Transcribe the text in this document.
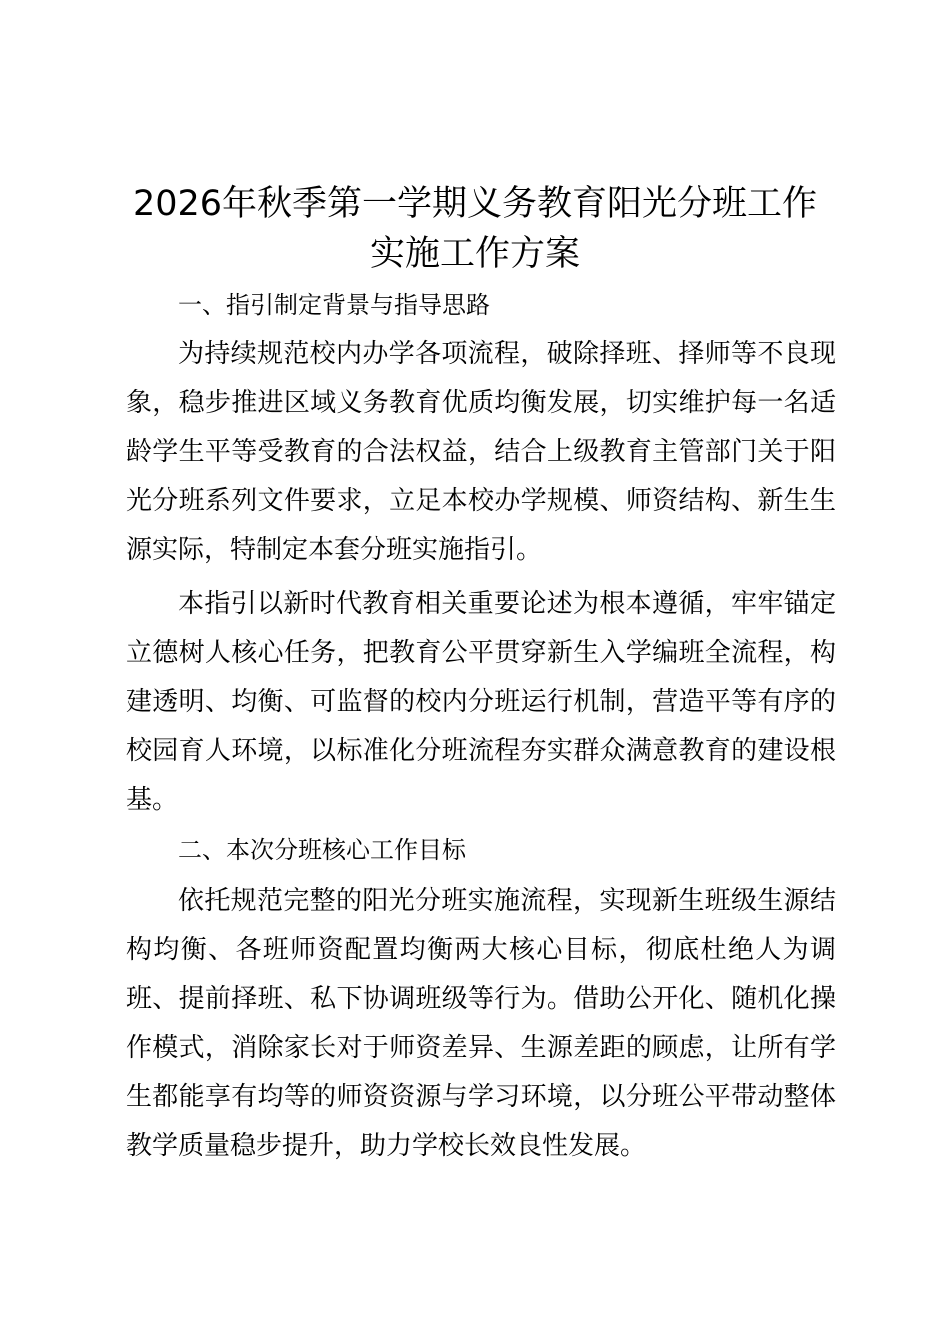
2026年秋季第一学期义务教育阳光分班工作
实施工作方案
一、指引制定背景与指导思路

为持续规范校内办学各项流程，破除择班、择师等不良现象，稳步推进区域义务教育优质均衡发展，切实维护每一名适龄学生平等受教育的合法权益，结合上级教育主管部门关于阳光分班系列文件要求，立足本校办学规模、师资结构、新生生源实际，特制定本套分班实施指引。

本指引以新时代教育相关重要论述为根本遵循，牢牢锚定立德树人核心任务，把教育公平贯穿新生入学编班全流程，构建透明、均衡、可监督的校内分班运行机制，营造平等有序的校园育人环境，以标准化分班流程夯实群众满意教育的建设根基。

二、本次分班核心工作目标

依托规范完整的阳光分班实施流程，实现新生班级生源结构均衡、各班师资配置均衡两大核心目标，彻底杜绝人为调班、提前择班、私下协调班级等行为。借助公开化、随机化操作模式，消除家长对于师资差异、生源差距的顾虑，让所有学生都能享有均等的师资资源与学习环境，以分班公平带动整体教学质量稳步提升，助力学校长效良性发展。
